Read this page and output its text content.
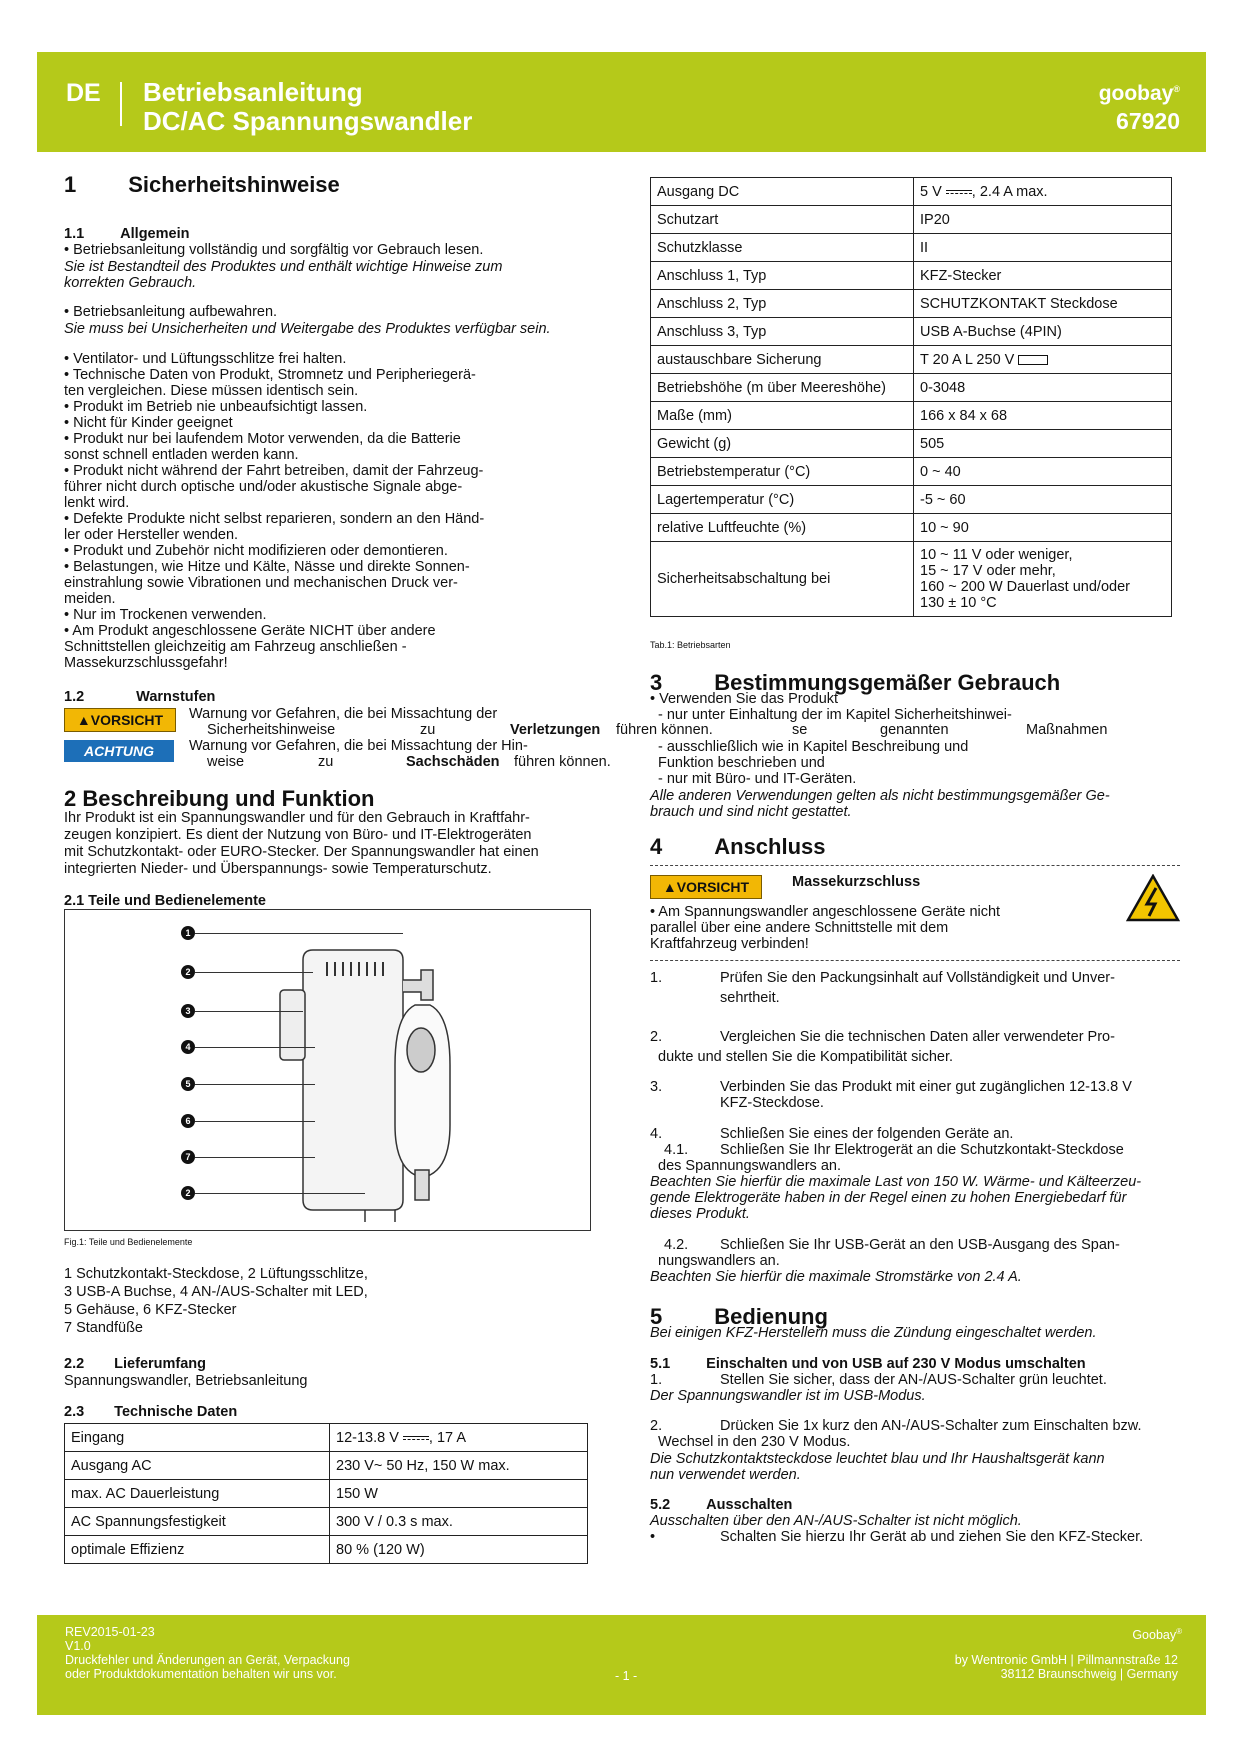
DE Betriebsanleitung
DC/AC Spannungswandler
goobay®
67920
1 Sicherheitshinweise
1.1 Allgemein
• Betriebsanleitung vollständig und sorgfältig vor Gebrauch lesen.
Sie ist Bestandteil des Produktes und enthält wichtige Hinweise zum
korrekten Gebrauch.
• Betriebsanleitung aufbewahren.
Sie muss bei Unsicherheiten und Weitergabe des Produktes verfügbar sein.
• Ventilator- und Lüftungsschlitze frei halten.
• Technische Daten von Produkt, Stromnetz und Peripheriegerä-
ten vergleichen. Diese müssen identisch sein.
• Produkt im Betrieb nie unbeaufsichtigt lassen.
• Nicht für Kinder geeignet
• Produkt nur bei laufendem Motor verwenden, da die Batterie
sonst schnell entladen werden kann.
• Produkt nicht während der Fahrt betreiben, damit der Fahrzeug-
führer nicht durch optische und/oder akustische Signale abge-
lenkt wird.
• Defekte Produkte nicht selbst reparieren, sondern an den Händ-
ler oder Hersteller wenden.
• Produkt und Zubehör nicht modifizieren oder demontieren.
• Belastungen, wie Hitze und Kälte, Nässe und direkte Sonnen-
einstrahlung sowie Vibrationen und mechanischen Druck ver-
meiden.
• Nur im Trockenen verwenden.
• Am Produkt angeschlossene Geräte NICHT über andere
Schnittstellen gleichzeitig am Fahrzeug anschließen -
Massekurzschlussgefahr!
1.2	Warnstufen
▲VORSICHT	Warnung vor Gefahren, die bei Missachtung der
Sicherheitshinweise	zu	Verletzungen führen können.
ACHTUNG	Warnung vor Gefahren, die bei Missachtung der Hin-
weise	zu	Sachschäden führen können.
2 Beschreibung und Funktion
Ihr Produkt ist ein Spannungswandler und für den Gebrauch in Kraftfahr-
zeugen konzipiert. Es dient der Nutzung von Büro- und IT-Elektrogeräten
mit Schutzkontakt- oder EURO-Stecker. Der Spannungswandler hat einen
integrierten Nieder- und Überspannungs- sowie Temperaturschutz.
2.1 Teile und Bedienelemente
1
2
3
4
5
6
7
2
Fig.1: Teile und Bedienelemente
1 Schutzkontakt-Steckdose, 2 Lüftungsschlitze,
3 USB-A Buchse, 4 AN-/AUS-Schalter mit LED,
5 Gehäuse, 6 KFZ-Stecker
7 Standfüße
2.2 Lieferumfang
Spannungswandler, Betriebsanleitung
2.3 Technische Daten
Eingang	12-13.8 V , 17 A
Ausgang AC	230 V~ 50 Hz, 150 W max.
max. AC Dauerleistung	150 W
AC Spannungsfestigkeit	300 V / 0.3 s max.
optimale Effizienz	80 % (120 W)
Ausgang DC	5 V , 2.4 A max.
Schutzart	IP20
Schutzklasse	II
Anschluss 1, Typ	KFZ-Stecker
Anschluss 2, Typ	SCHUTZKONTAKT Steckdose
Anschluss 3, Typ	USB A-Buchse (4PIN)
austauschbare Sicherung	T 20 A L 250 V
Betriebshöhe (m über Meereshöhe)	0-3048
Maße (mm)	166 x 84 x 68
Gewicht (g)	505
Betriebstemperatur (°C)	0 ~ 40
Lagertemperatur (°C)	-5 ~ 60
relative Luftfeuchte (%)	10 ~ 90
Sicherheitsabschaltung bei	10 ~ 11 V oder weniger,
15 ~ 17 V oder mehr,
160 ~ 200 W Dauerlast und/oder
130 ± 10 °C
Tab.1: Betriebsarten
3 Bestimmungsgemäßer Gebrauch
• Verwenden Sie das Produkt
- nur unter Einhaltung der im Kapitel Sicherheitshinwei-
se	genannten	Maßnahmen
- ausschließlich wie in Kapitel Beschreibung und
Funktion beschrieben und
- nur mit Büro- und IT-Geräten.
Alle anderen Verwendungen gelten als nicht bestimmungsgemäßer Ge-
brauch und sind nicht gestattet.
4 Anschluss
▲VORSICHT	Massekurzschluss
• Am Spannungswandler angeschlossene Geräte nicht
parallel über eine andere Schnittstelle mit dem
Kraftfahrzeug verbinden!
1.	Prüfen Sie den Packungsinhalt auf Vollständigkeit und Unver-
sehrtheit.
2.	Vergleichen Sie die technischen Daten aller verwendeter Pro-
dukte und stellen Sie die Kompatibilität sicher.
3.	Verbinden Sie das Produkt mit einer gut zugänglichen 12-13.8 V
KFZ-Steckdose.
4.	Schließen Sie eines der folgenden Geräte an.
4.1. Schließen Sie Ihr Elektrogerät an die Schutzkontakt-Steckdose
des Spannungswandlers an.
Beachten Sie hierfür die maximale Last von 150 W. Wärme- und Kälteerzeu-
gende Elektrogeräte haben in der Regel einen zu hohen Energiebedarf für
dieses Produkt.
4.2. Schließen Sie Ihr USB-Gerät an den USB-Ausgang des Span-
nungswandlers an.
Beachten Sie hierfür die maximale Stromstärke von 2.4 A.
5 Bedienung
Bei einigen KFZ-Herstellern muss die Zündung eingeschaltet werden.
5.1 Einschalten und von USB auf 230 V Modus umschalten
1.	Stellen Sie sicher, dass der AN-/AUS-Schalter grün leuchtet.
Der Spannungswandler ist im USB-Modus.
2.	Drücken Sie 1x kurz den AN-/AUS-Schalter zum Einschalten bzw.
Wechsel in den 230 V Modus.
Die Schutzkontaktsteckdose leuchtet blau und Ihr Haushaltsgerät kann
nun verwendet werden.
5.2 Ausschalten
Ausschalten über den AN-/AUS-Schalter ist nicht möglich.
•	Schalten Sie hierzu Ihr Gerät ab und ziehen Sie den KFZ-Stecker.
REV2015-01-23
V1.0
Druckfehler und Änderungen an Gerät, Verpackung
oder Produktdokumentation behalten wir uns vor.	- 1 -
Goobay®
by Wentronic GmbH | Pillmannstraße 12
38112 Braunschweig | Germany
